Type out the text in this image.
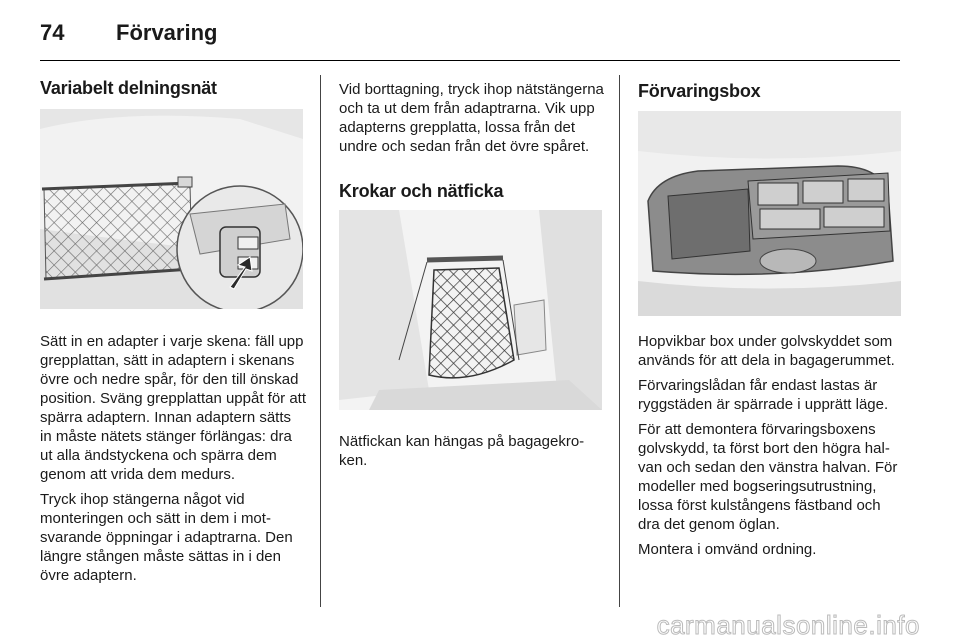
74 Förvaring
Variabelt delningsnät

Sätt in en adapter i varje skena: fäll upp grepplattan, sätt in adaptern i skenans övre och nedre spår, för den till önskad position. Sväng grepplattan uppåt för att spärra adaptern. Innan adaptern sätts in måste nätets stänger förlängas: dra ut alla ändstyckena och spärra dem genom att vrida dem medurs.

Tryck ihop stängerna något vid monteringen och sätt in dem i motsvarande öppningar i adaptrarna. Den längre stången måste sättas in i den övre adaptern.

Vid borttagning, tryck ihop nätstängerna och ta ut dem från adaptrarna. Vik upp adapterns grepplatta, lossa från det undre och sedan från det övre spåret.

Krokar och nätficka

Nätfickan kan hängas på bagagekroken.

Förvaringsbox

Hopvikbar box under golvskyddet som används för att dela in bagagerummet.

Förvaringslådan får endast lastas är ryggstäden är spärrade i upprätt läge.

För att demontera förvaringsboxens golvskydd, ta först bort den högra halvan och sedan den vänstra halvan. För modeller med bogseringsutrustning, lossa först kulstångens fästband och dra det genom öglan.

Montera i omvänd ordning.

carmanualsonline.info
